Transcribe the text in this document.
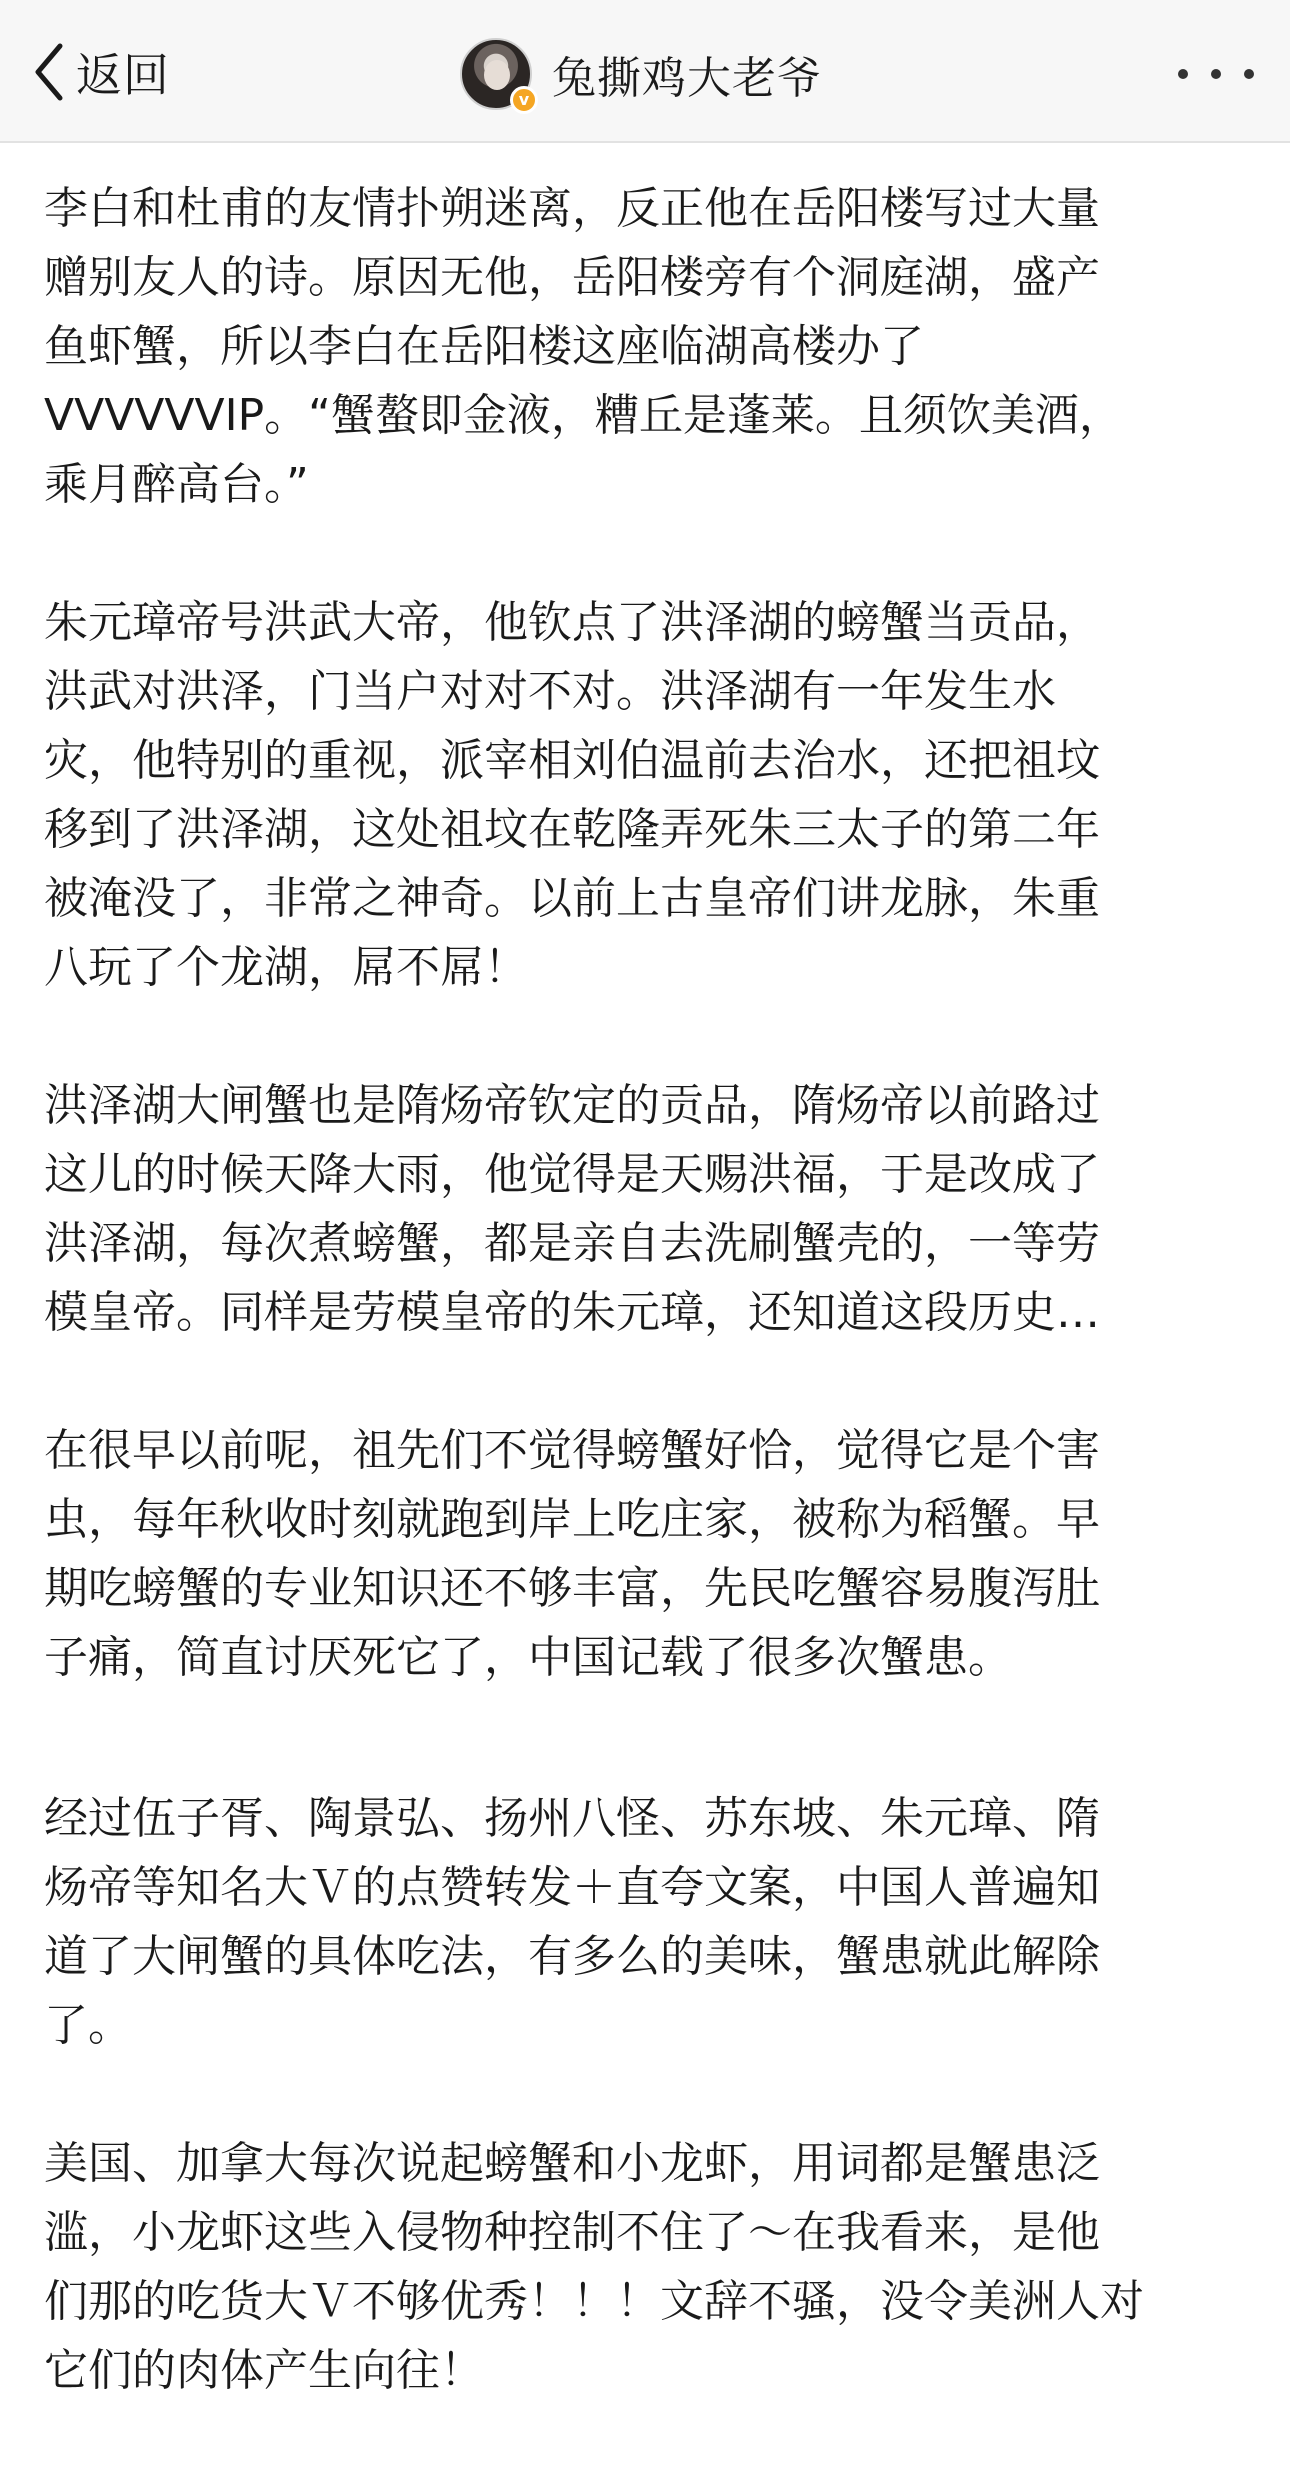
返回	v 兔撕鸡大老爷

李白和杜甫的友情扑朔迷离，反正他在岳阳楼写过大量
赠别友人的诗。原因无他，岳阳楼旁有个洞庭湖，盛产
鱼虾蟹，所以李白在岳阳楼这座临湖高楼办了
VVVVVVIP。“蟹螯即金液，糟丘是蓬莱。且须饮美酒，
乘月醉高台。”

朱元璋帝号洪武大帝，他钦点了洪泽湖的螃蟹当贡品，
洪武对洪泽，门当户对对不对。洪泽湖有一年发生水
灾，他特别的重视，派宰相刘伯温前去治水，还把祖坟
移到了洪泽湖，这处祖坟在乾隆弄死朱三太子的第二年
被淹没了，非常之神奇。以前上古皇帝们讲龙脉，朱重
八玩了个龙湖，屌不屌！

洪泽湖大闸蟹也是隋炀帝钦定的贡品，隋炀帝以前路过
这儿的时候天降大雨，他觉得是天赐洪福，于是改成了
洪泽湖，每次煮螃蟹，都是亲自去洗刷蟹壳的，一等劳
模皇帝。同样是劳模皇帝的朱元璋，还知道这段历史…

在很早以前呢，祖先们不觉得螃蟹好恰，觉得它是个害
虫，每年秋收时刻就跑到岸上吃庄家，被称为稻蟹。早
期吃螃蟹的专业知识还不够丰富，先民吃蟹容易腹泻肚
子痛，简直讨厌死它了，中国记载了很多次蟹患。

经过伍子胥、陶景弘、扬州八怪、苏东坡、朱元璋、隋
炀帝等知名大Ｖ的点赞转发＋直夸文案，中国人普遍知
道了大闸蟹的具体吃法，有多么的美味，蟹患就此解除
了。

美国、加拿大每次说起螃蟹和小龙虾，用词都是蟹患泛
滥，小龙虾这些入侵物种控制不住了～在我看来，是他
们那的吃货大Ｖ不够优秀！！！文辞不骚，没令美洲人对
它们的肉体产生向往！
